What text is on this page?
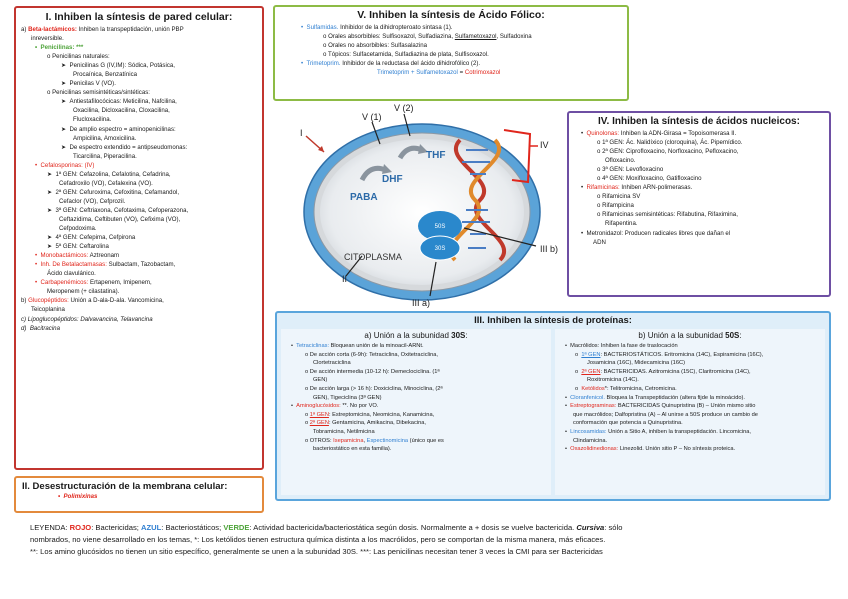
I. Inhiben la síntesis de pared celular:
a) Beta-lactámicos: Inhiben la transpeptidación, unión PBP
inreversible.
•  Penicilinas: ***
o Penicilinas naturales:
➤  Penicilinas G (IV,IM): Sódica, Potásica,
Procaínica, Benzatínica
➤  Penicilas V (VO).
o Penicilinas semisintéticas/sintéticas:
➤  Antiestafilocócicas: Meticilina, Nafcilina,
Oxacilina, Dicloxacilina, Cloxacilina,
Flucloxacilina.
➤  De amplio espectro = aminopenicilinas:
Ampicilina, Amoxicilina.
➤  De espectro extendido = antipseudomonas:
Ticarcilina, Piperacilina.
•  Cefalosporinas: (IV)
➤  1ª GEN: Cefazolina, Cefalotina, Cefadrina,
Cefadroxilo (VO), Cefalexina (VO).
➤  2ª GEN: Cefuroxima, Cefoxitina, Cefamandol,
Cefaclor (VO), Cefprozil.
➤  3ª GEN: Ceftriaxona, Cefotaxima, Cefoperazona,
Ceftazidima, Ceftibuten (VO), Cefixima (VO),
Cefpodoxima.
➤  4ª GEN: Cefepima, Cefpirona
➤  5ª GEN: Ceftarolina
• Monobactámicos: Aztreonam
• Inh. De Betalactamasas: Sulbactam, Tazobactam,
Ácido clavulánico.
• Carbapenémicos: Ertapenem, Imipenem,
Meropenem (+ cilastatina).
b) Glucopéptidos: Unión a D-ala-D-ala. Vancomicina,
Teicoplanina
c) Lipoglucopéptidos: Dalvavancina, Telavancina
d) Bacitracina
II. Desestructuración de la membrana celular:
•  Polimixinas
V. Inhiben la síntesis de Ácido Fólico:
• Sulfamidas. Inhibidor de la dihidropteroato sintasa (1).
o Orales absorbibles: Sulfisoxazol, Sulfadiazina, Sulfametoxazol, Sulfadoxina
o Orales no absorbibles: Sulfasalazina
o Tópicos: Sulfacetamida, Sulfadiazina de plata, Sulfisoxazol.
• Trimetoprim. Inhibidor de la reductasa del ácido dihidrofólico (2).
Trimetoprim + Sulfametoxazol = Cotrimoxazol
IV. Inhiben la síntesis de ácidos nucleicos:
•  Quinolonas: Inhiben la ADN-Girasa = Topoisomerasa II.
o 1ª GEN: Ác. Nalidíxico (cloroquina), Ác. Pipemídico.
o 2ª GEN: Ciprofloxacino, Norfloxacino, Pefloxacino,
Ofloxacino.
o 3ª GEN: Levofloxacino
o 4ª GEN: Moxifloxacino, Gatifloxacino
•  Rifamicinas: Inhiben ARN-polimerasas.
o Rifamicina SV
o Rifampicina
o Rifamicinas semisintéticas: Rifabutina, Rifaximina,
Rifapentina.
•  Metronidazol: Producen radicales libres que dañan el
ADN
III. Inhiben la síntesis de proteínas:
a) Unión a la subunidad 30S:
•  Tetraciclinas: Bloquean unión de la minoacil-ARNt.
o De acción corta (6-9h): Tetraciclina, Oxitetraciclina,
Clortetraciclina
o De acción intermedia (10-12 h): Demeclociclina. (1ª
GEN)
o De acción larga (> 16 h): Doxiciclina, Minociclina, (2ª
GEN), Tigeciclina (3ª GEN)
•  Aminoglucósidos: **. No por VO.
o 1ª GEN: Estreptomicina, Neomicina, Kanamicina,
o 2ª GEN: Gentamicina, Amikacina, Dibekacina,
Tobramicina, Netilmicina
o OTROS: Isepamicina, Espectinomicina (único que es
bacteriostático en esta familia).
b) Unión a la subunidad 50S:
•  Macrólidos: Inhiben la fase de traslocación
o  1ª GEN: BACTERIOSTÁTICOS. Eritromicina (14C), Espiramicina (16C),
Josamicina (16C), Midecamicina (16C)
o  2ª GEN: BACTERICIDAS. Azitromicina (15C), Claritromicina (14C),
Roxitromicina (14C).
o  Ketólidos*: Telitromicina, Cetromicina.
•  Cloranfenicol. Bloquea la Transpeptidación (altera fijde la minoácido).
•  Estreptograminas: BACTERICIDAS Quinupristina (B) – Unión mismo sitio
que macrólidos; Dalfopristina (A) – Al unirse a 50S produce un cambio de
conformación que potencia a Quinupristina.
•  Lincosamidas: Unión a Sitio A, inhiben la transpeptidación. Lincomicina,
Clindamicina.
•  Oxazolidinedionas: Linezolid. Unión sitio P – No síntesis proteica.
50S
30S
PABA
DHF
THF
CITOPLASMA
I
V (1)
V (2)
IV
III b)
III a)
II
LEYENDA: ROJO: Bactericidas; AZUL: Bacteriostáticos; VERDE: Actividad bactericida/bacteriostática según dosis. Normalmente a + dosis se vuelve bactericida. Cursiva: sólo
nombrados, no viene desarrollado en los temas, *: Los ketólidos tienen estructura química distinta a los macrólidos, pero se comportan de la misma manera, más eficaces.
**: Los amino glucósidos no tienen un sitio específico, generalmente se unen a la subunidad 30S. ***: Las penicilinas necesitan tener 3 veces la CMI para ser Bactericidas
